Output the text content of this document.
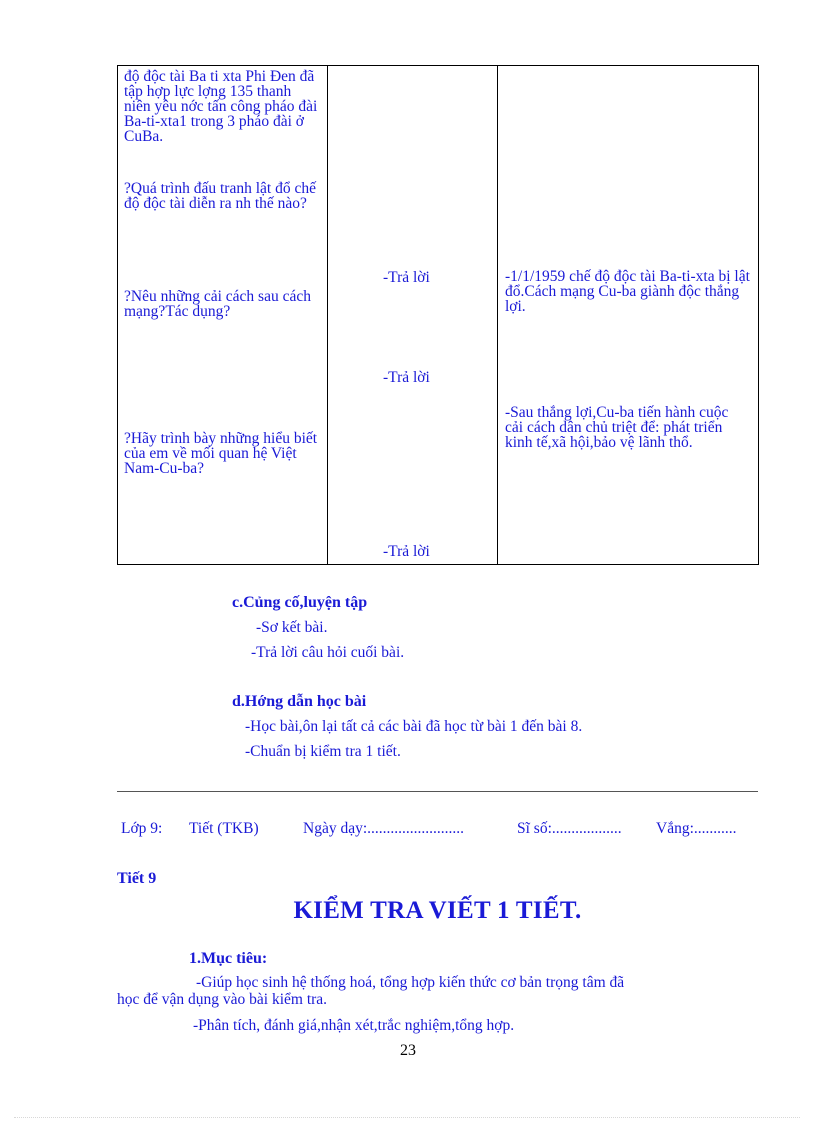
độ độc tài Ba ti xta Phi Đen đã tập hợp lực lợng 135 thanh niên yêu nớc tấn công pháo đài Ba-ti-xta1 trong 3 pháo đài ở CuBa.
?Quá trình đấu tranh lật đổ chế độ độc tài diễn ra nh thế nào?
?Nêu những cải cách sau cách mạng?Tác dụng?
?Hãy trình bày những hiểu biết của em về mối quan hệ Việt Nam-Cu-ba?
-Trả lời
-Trả lời
-Trả lời
-1/1/1959 chế độ độc tài Ba-ti-xta bị lật đổ.Cách mạng Cu-ba giành độc thắng lợi.
-Sau thắng lợi,Cu-ba tiến hành cuộc cải cách dân chủ triệt để: phát triển kinh tế,xã hội,bảo vệ lãnh thổ.
c.Củng cố,luyện tập
-Sơ kết bài.
-Trả lời câu hỏi cuối bài.
d.Hớng dẫn học bài
-Học bài,ôn lại tất cả các bài đã học từ bài 1 đến bài 8.
-Chuẩn bị kiểm tra 1 tiết.
Lớp 9: Tiết (TKB)	Ngày dạy:.........................	Sĩ số:.................. Vắng:...........
Tiết 9
KIỂM TRA VIẾT 1 TIẾT.
1.Mục tiêu:
-Giúp học sinh hệ thống hoá, tổng hợp kiến thức cơ bản trọng tâm đã
học để vận dụng vào bài kiểm tra.
-Phân tích, đánh giá,nhận xét,trắc nghiệm,tổng hợp.
23
